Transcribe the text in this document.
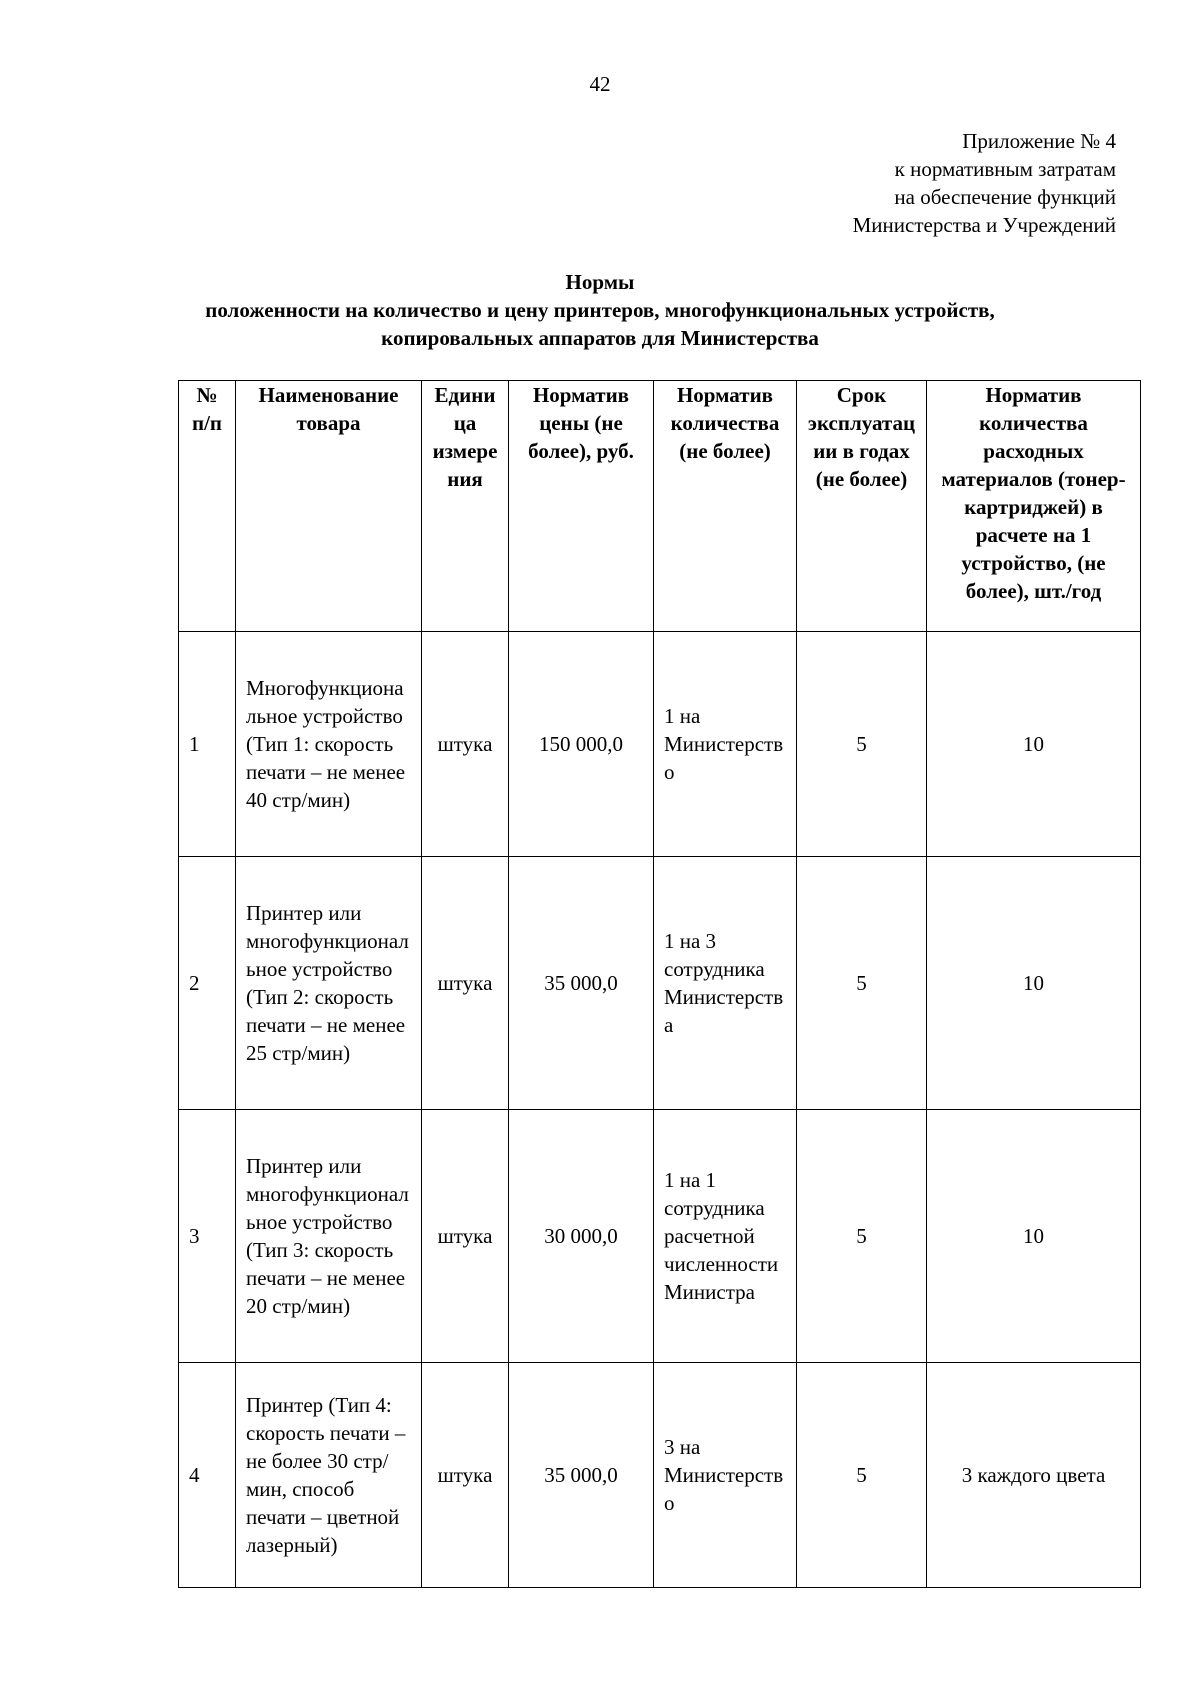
42
Приложение № 4
к нормативным затратам
на обеспечение функций
Министерства и Учреждений
Нормы
положенности на количество и цену принтеров, многофункциональных устройств,
копировальных аппаратов для Министерства
№ п/п	Наименование товара	Единица измерения	Норматив цены (не более), руб.	Норматив количества (не более)	Срок эксплуатации в годах (не более)	Норматив количества расходных материалов (тонер-картриджей) в расчете на 1 устройство, (не более), шт./год
1	Многофункциональное устройство (Тип 1: скорость печати – не менее 40 стр/мин)	штука	150 000,0	1 на Министерство	5	10
2	Принтер или многофункциональное устройство (Тип 2: скорость печати – не менее 25 стр/мин)	штука	35 000,0	1 на 3 сотрудника Министерства	5	10
3	Принтер или многофункциональное устройство (Тип 3: скорость печати – не менее 20 стр/мин)	штука	30 000,0	1 на 1 сотрудника расчетной численности Министра	5	10
4	Принтер (Тип 4: скорость печати – не более 30 стр/мин, способ печати – цветной лазерный)	штука	35 000,0	3 на Министерство	5	3 каждого цвета
